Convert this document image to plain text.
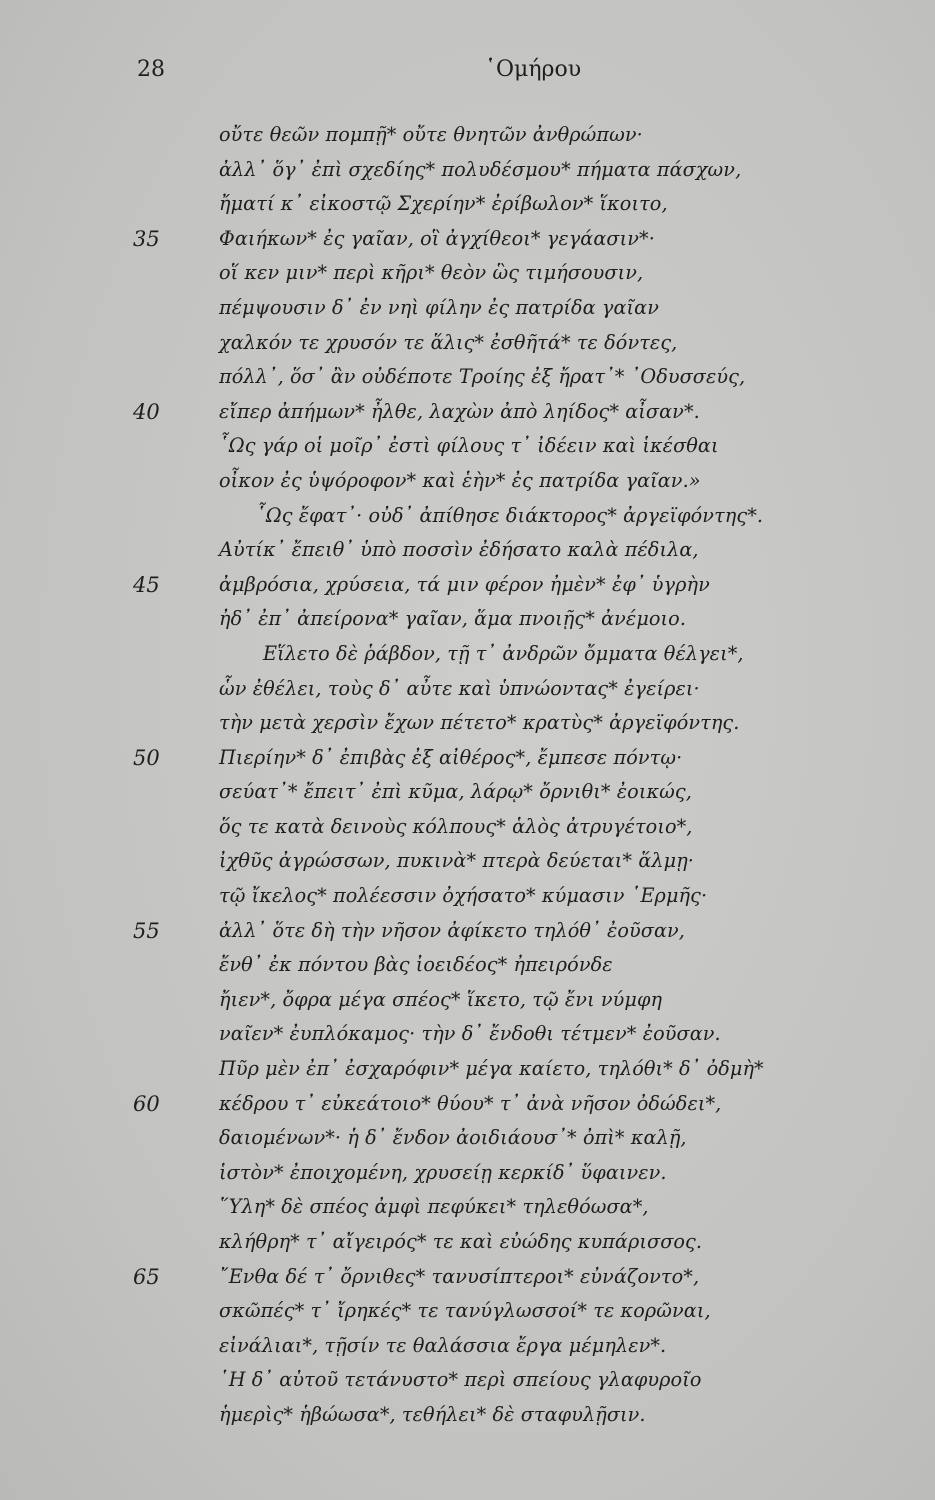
28	῾Ομήρου
οὔτε θεῶν πομπῇ* οὔτε θνητῶν ἀνθρώπων·
ἀλλ᾽ ὅγ᾽ ἐπὶ σχεδίης* πολυδέσμου* πήματα πάσχων,
ἤματί κ᾽ εἰκοστῷ Σχερίην* ἐρίβωλον* ἵκοιτο,
35	Φαιήκων* ἐς γαῖαν, οἳ ἀγχίθεοι* γεγάασιν*·
οἵ κεν μιν* περὶ κῆρι* θεὸν ὣς τιμήσουσιν,
πέμψουσιν δ᾽ ἐν νηὶ φίλην ἐς πατρίδα γαῖαν
χαλκόν τε χρυσόν τε ἅλις* ἐσθῆτά* τε δόντες,
πόλλ᾽, ὅσ᾽ ἂν οὐδέποτε Τροίης ἐξ ἤρατ᾽* ᾽Οδυσσεύς,
40	εἴπερ ἀπήμων* ἦλθε, λαχὼν ἀπὸ ληίδος* αἶσαν*.
῟Ως γάρ οἱ μοῖρ᾽ ἐστὶ φίλους τ᾽ ἰδέειν καὶ ἱκέσθαι
οἶκον ἐς ὑψόροφον* καὶ ἑὴν* ἐς πατρίδα γαῖαν.»
῟Ως ἔφατ᾽· οὐδ᾽ ἀπίθησε διάκτορος* ἀργεϊφόντης*.
Αὐτίκ᾽ ἔπειθ᾽ ὑπὸ ποσσὶν ἐδήσατο καλὰ πέδιλα,
45	ἀμβρόσια, χρύσεια, τά μιν φέρον ἠμὲν* ἐφ᾽ ὑγρὴν
ἠδ᾽ ἐπ᾽ ἀπείρονα* γαῖαν, ἅμα πνοιῇς* ἀνέμοιο.
Εἵλετο δὲ ῥάβδον, τῇ τ᾽ ἀνδρῶν ὄμματα θέλγει*,
ὧν ἐθέλει, τοὺς δ᾽ αὖτε καὶ ὑπνώοντας* ἐγείρει·
τὴν μετὰ χερσὶν ἔχων πέτετο* κρατὺς* ἀργεϊφόντης.
50	Πιερίην* δ᾽ ἐπιβὰς ἐξ αἰθέρος*, ἔμπεσε πόντῳ·
σεύατ᾽* ἔπειτ᾽ ἐπὶ κῦμα, λάρῳ* ὄρνιθι* ἐοικώς,
ὅς τε κατὰ δεινοὺς κόλπους* ἁλὸς ἀτρυγέτοιο*,
ἰχθῦς ἀγρώσσων, πυκινὰ* πτερὰ δεύεται* ἅλμῃ·
τῷ ἴκελος* πολέεσσιν ὀχήσατο* κύμασιν ῾Ερμῆς·
55	ἀλλ᾽ ὅτε δὴ τὴν νῆσον ἀφίκετο τηλόθ᾽ ἐοῦσαν,
ἔνθ᾽ ἐκ πόντου βὰς ἰοειδέος* ἠπειρόνδε
ἤιεν*, ὄφρα μέγα σπέος* ἵκετο, τῷ ἔνι νύμφη
ναῖεν* ἐυπλόκαμος· τὴν δ᾽ ἔνδοθι τέτμεν* ἐοῦσαν.
Πῦρ μὲν ἐπ᾽ ἐσχαρόφιν* μέγα καίετο, τηλόθι* δ᾽ ὀδμὴ*
60	κέδρου τ᾽ εὐκεάτοιο* θύου* τ᾽ ἀνὰ νῆσον ὀδώδει*,
δαιομένων*· ἡ δ᾽ ἔνδον ἀοιδιάουσ᾽* ὀπὶ* καλῇ,
ἱστὸν* ἐποιχομένη, χρυσείῃ κερκίδ᾽ ὕφαινεν.
῞Υλη* δὲ σπέος ἀμφὶ πεφύκει* τηλεθόωσα*,
κλήθρη* τ᾽ αἴγειρός* τε καὶ εὐώδης κυπάρισσος.
65	῎Ενθα δέ τ᾽ ὄρνιθες* τανυσίπτεροι* εὐνάζοντο*,
σκῶπές* τ᾽ ἴρηκές* τε τανύγλωσσοί* τε κορῶναι,
εἰνάλιαι*, τῇσίν τε θαλάσσια ἔργα μέμηλεν*.
῾Η δ᾽ αὐτοῦ τετάνυστο* περὶ σπείους γλαφυροῖο
ἡμερὶς* ἡβώωσα*, τεθήλει* δὲ σταφυλῇσιν.
